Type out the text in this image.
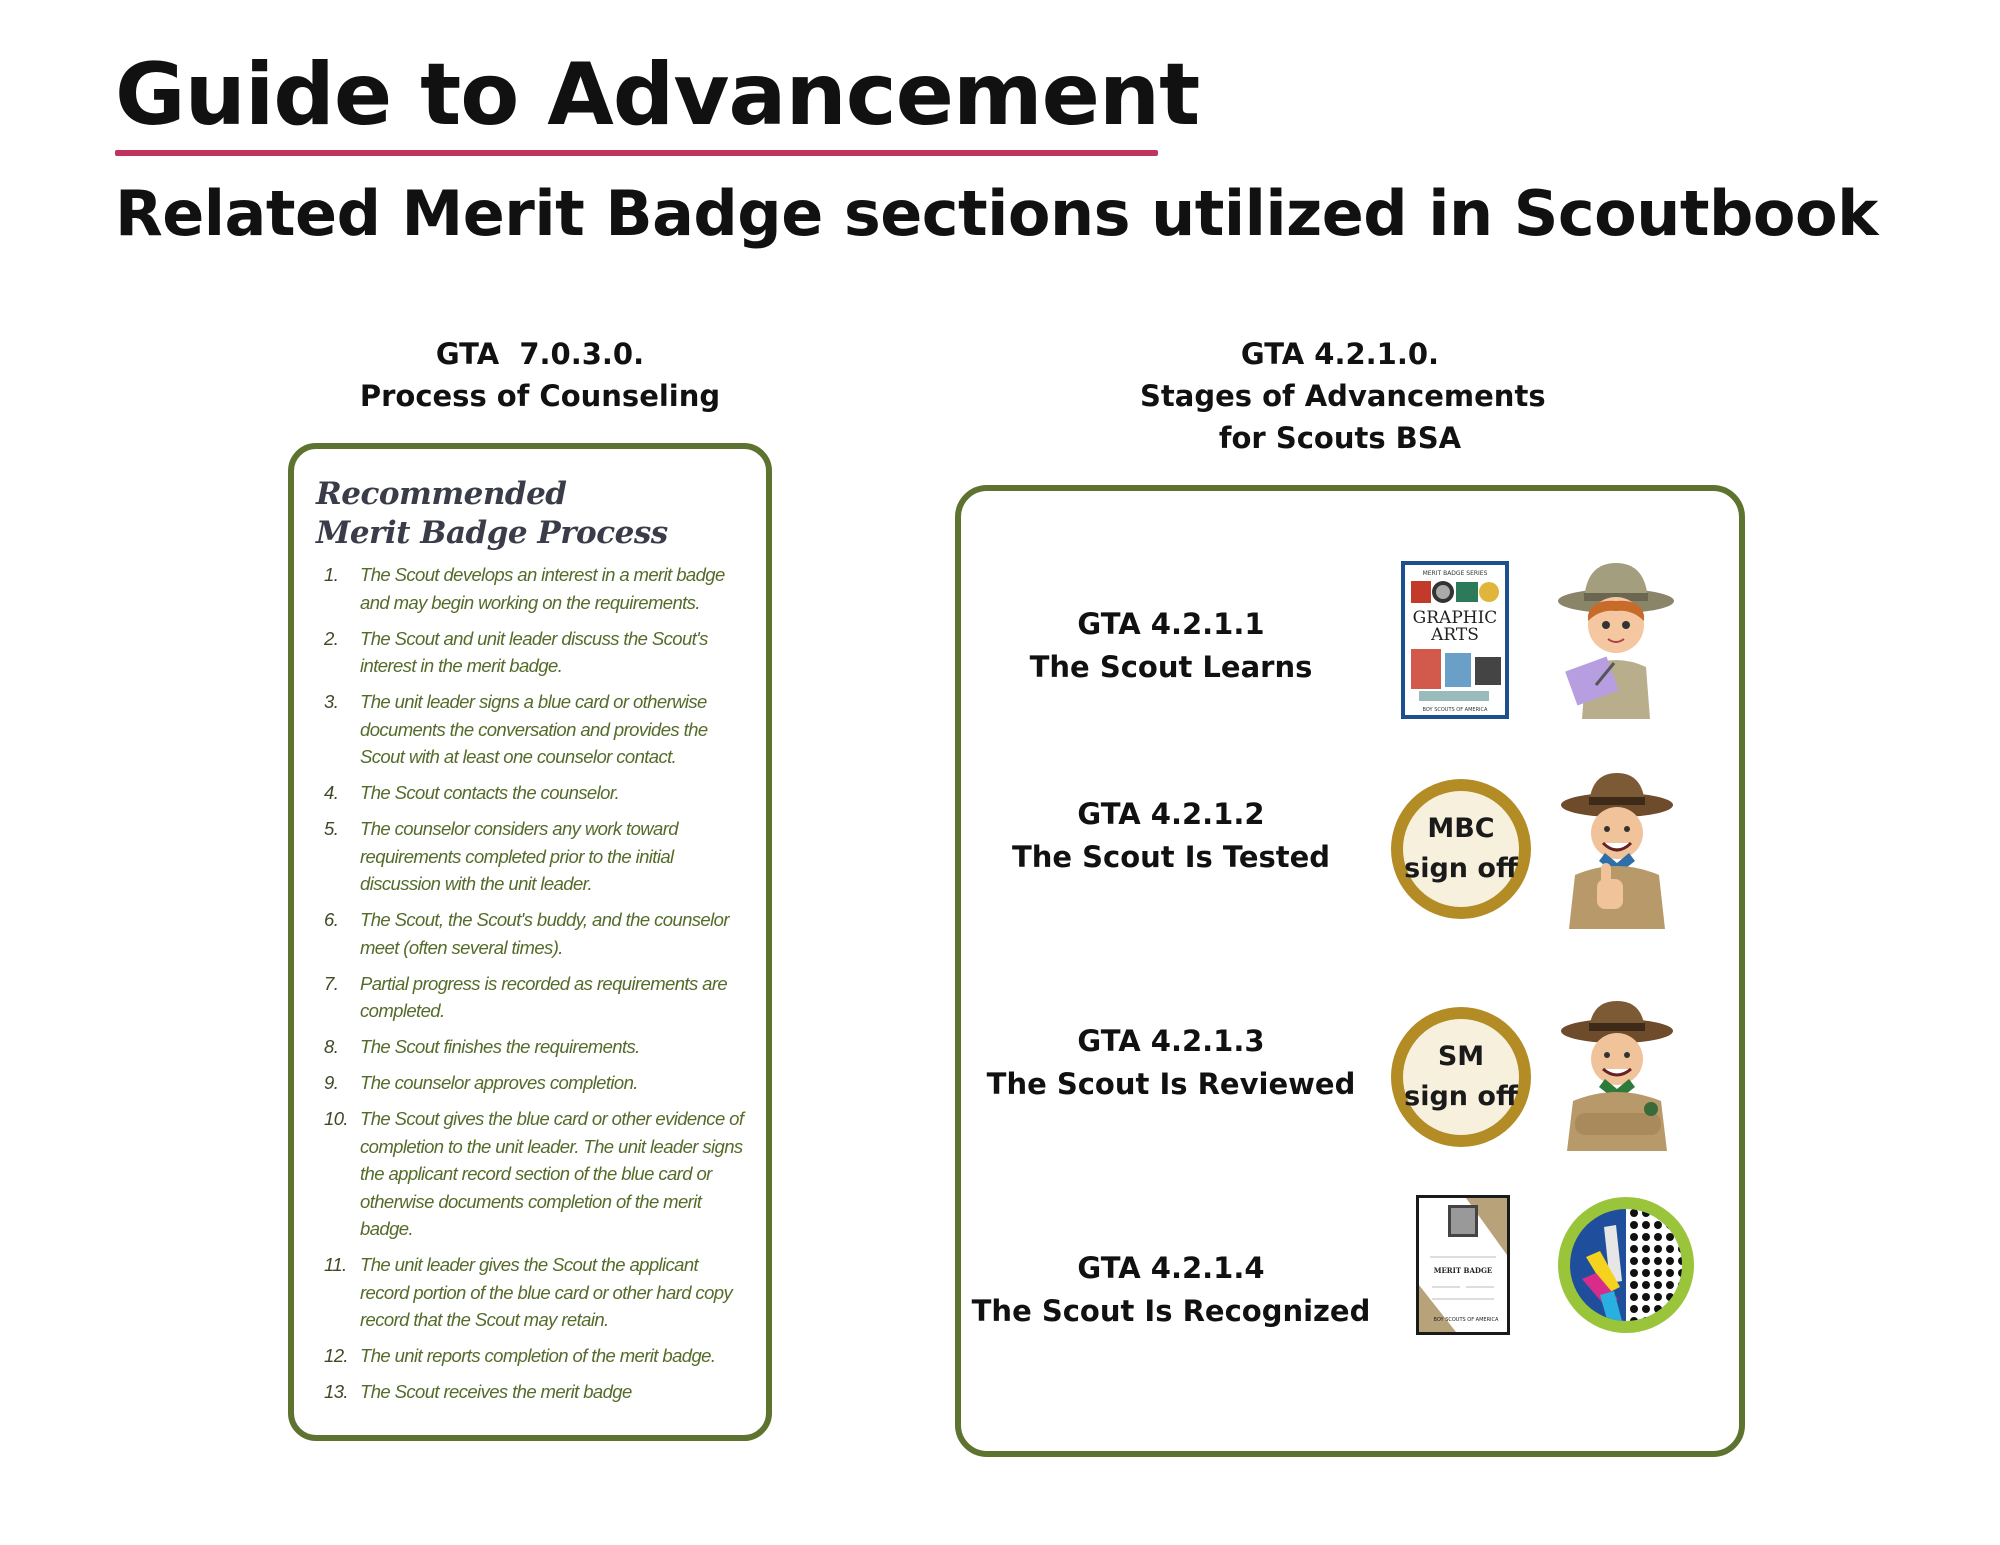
Guide to Advancement
Related Merit Badge sections utilized in Scoutbook
GTA  7.0.3.0.
Process of Counseling
Recommended
Merit Badge Process
1.	The Scout develops an interest in a merit badge and may begin working on the requirements.
2.	The Scout and unit leader discuss the Scout's interest in the merit badge.
3.	The unit leader signs a blue card or otherwise documents the conversation and provides the Scout with at least one counselor contact.
4.	The Scout contacts the counselor.
5.	The counselor considers any work toward requirements completed prior to the initial discussion with the unit leader.
6.	The Scout, the Scout's buddy, and the counselor meet (often several times).
7.	Partial progress is recorded as requirements are completed.
8.	The Scout finishes the requirements.
9.	The counselor approves completion.
10. The Scout gives the blue card or other evidence of completion to the unit leader. The unit leader signs the applicant record section of the blue card or otherwise documents completion of the merit badge.
11. The unit leader gives the Scout the applicant record portion of the blue card or other hard copy record that the Scout may retain.
12. The unit reports completion of the merit badge.
13. The Scout receives the merit badge
GTA 4.2.1.0.
Stages of Advancements
for Scouts BSA
GTA 4.2.1.1
The Scout Learns
MERIT BADGE SERIES
GRAPHIC
ARTS
BOY SCOUTS OF AMERICA
GTA 4.2.1.2
The Scout Is Tested
MBC
sign off
GTA 4.2.1.3
The Scout Is Reviewed
SM
sign off
GTA 4.2.1.4
The Scout Is Recognized
MERIT BADGE
BOY SCOUTS OF AMERICA
